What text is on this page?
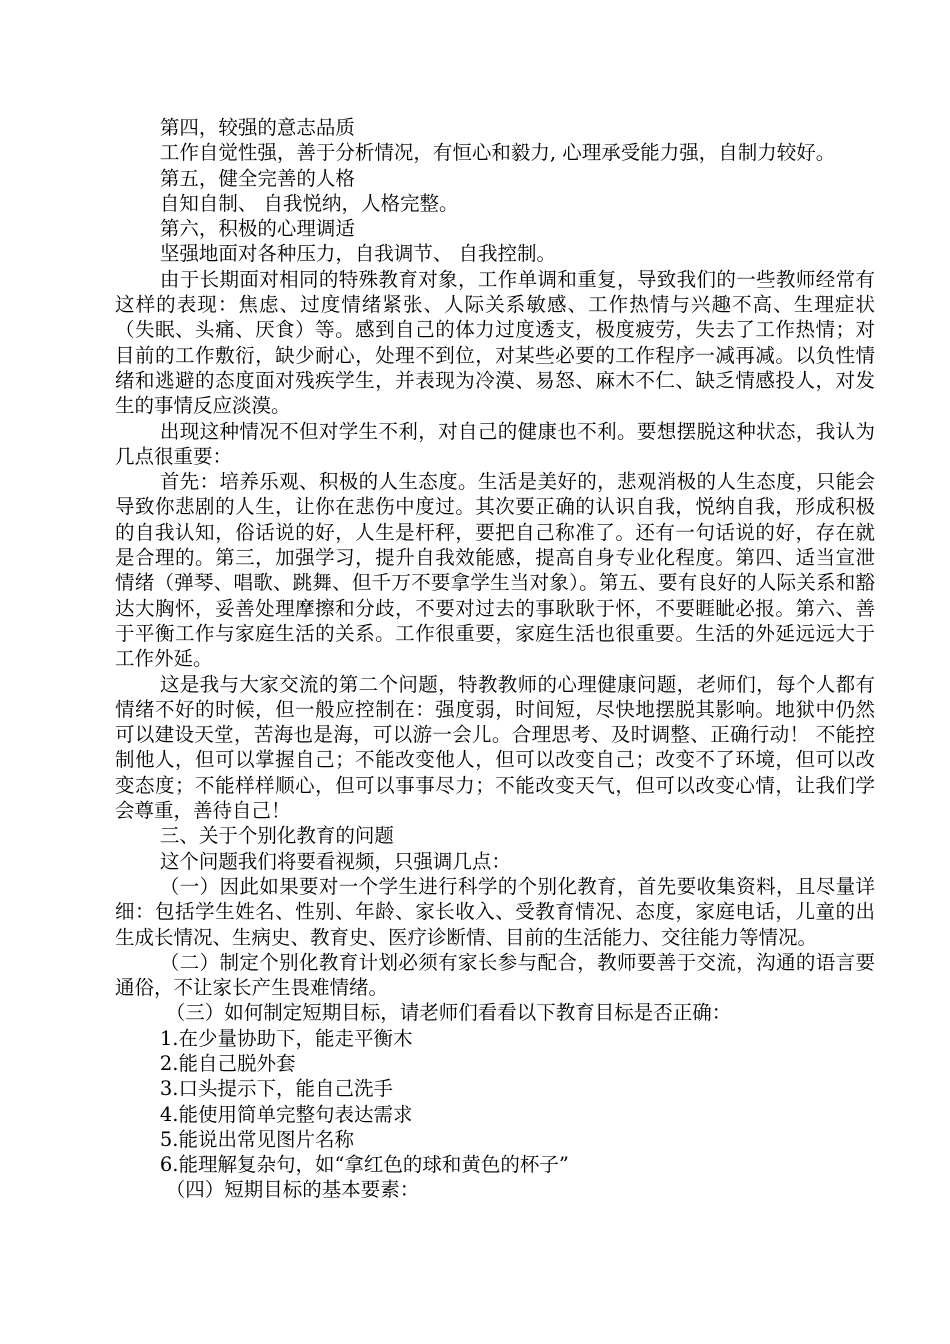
第四，较强的意志品质

工作自觉性强，善于分析情况，有恒心和毅力, 心理承受能力强，自制力较好。

第五，健全完善的人格

自知自制、 自我悦纳，人格完整。

第六，积极的心理调适

坚强地面对各种压力，自我调节、 自我控制。

由于长期面对相同的特殊教育对象，工作单调和重复，导致我们的一些教师经常有这样的表现：焦虑、过度情绪紧张、人际关系敏感、工作热情与兴趣不高、生理症状（失眠、头痛、厌食）等。感到自己的体力过度透支，极度疲劳，失去了工作热情；对目前的工作敷衍，缺少耐心，处理不到位，对某些必要的工作程序一减再减。以负性情绪和逃避的态度面对残疾学生，并表现为冷漠、易怒、麻木不仁、缺乏情感投人，对发生的事情反应淡漠。

出现这种情况不但对学生不利，对自己的健康也不利。要想摆脱这种状态，我认为几点很重要：

首先：培养乐观、积极的人生态度。生活是美好的，悲观消极的人生态度，只能会导致你悲剧的人生，让你在悲伤中度过。其次要正确的认识自我，悦纳自我，形成积极的自我认知，俗话说的好，人生是杆秤，要把自己称准了。还有一句话说的好，存在就是合理的。第三，加强学习，提升自我效能感，提高自身专业化程度。第四、适当宣泄情绪（弹琴、唱歌、跳舞、但千万不要拿学生当对象）。第五、要有良好的人际关系和豁达大胸怀，妥善处理摩擦和分歧，不要对过去的事耿耿于怀，不要睚眦必报。第六、善于平衡工作与家庭生活的关系。工作很重要，家庭生活也很重要。生活的外延远远大于工作外延。

这是我与大家交流的第二个问题，特教教师的心理健康问题，老师们，每个人都有情绪不好的时候，但一般应控制在：强度弱，时间短，尽快地摆脱其影响。地狱中仍然可以建设天堂，苦海也是海，可以游一会儿。合理思考、及时调整、正确行动！ 不能控制他人，但可以掌握自己；不能改变他人，但可以改变自己；改变不了环境，但可以改变态度；不能样样顺心，但可以事事尽力；不能改变天气，但可以改变心情，让我们学会尊重，善待自己！

三、关于个别化教育的问题

这个问题我们将要看视频，只强调几点：

（一）因此如果要对一个学生进行科学的个别化教育，首先要收集资料，且尽量详细：包括学生姓名、性别、年龄、家长收入、受教育情况、态度，家庭电话，儿童的出生成长情况、生病史、教育史、医疗诊断情、目前的生活能力、交往能力等情况。

（二）制定个别化教育计划必须有家长参与配合，教师要善于交流，沟通的语言要通俗，不让家长产生畏难情绪。

（三）如何制定短期目标，请老师们看看以下教育目标是否正确：

1.在少量协助下，能走平衡木

2.能自己脱外套

3.口头提示下，能自己洗手

4.能使用简单完整句表达需求

5.能说出常见图片名称

6.能理解复杂句，如“拿红色的球和黄色的杯子”

（四）短期目标的基本要素：
